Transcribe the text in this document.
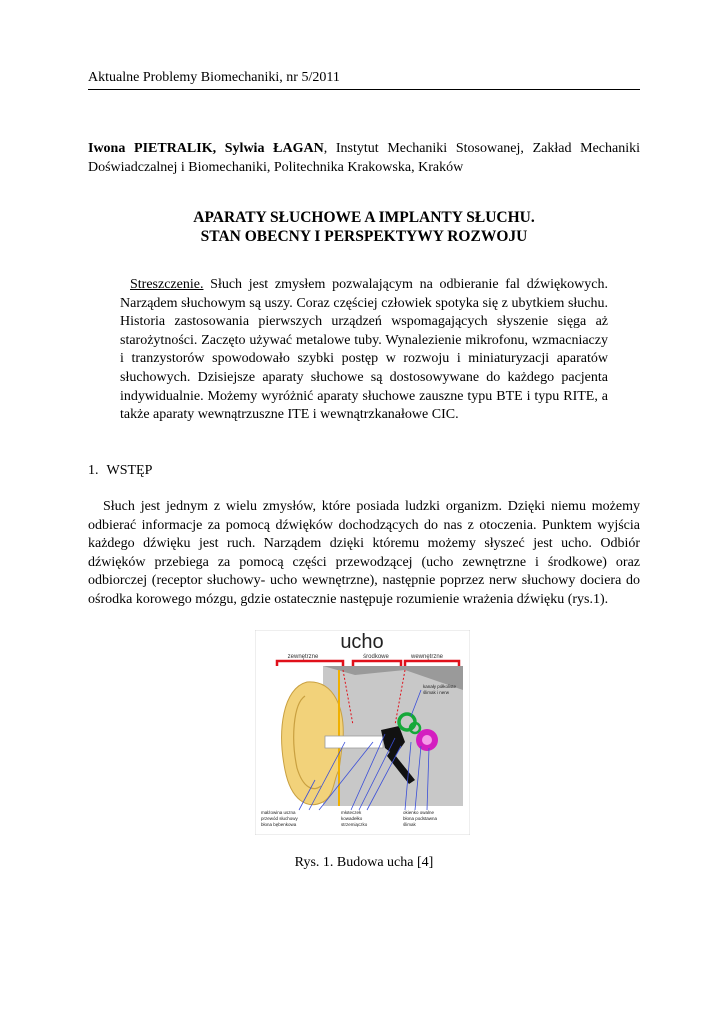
Aktualne Problemy Biomechaniki, nr 5/2011
Iwona PIETRALIK, Sylwia ŁAGAN, Instytut Mechaniki Stosowanej, Zakład Mechaniki Doświadczalnej i Biomechaniki, Politechnika Krakowska, Kraków
APARATY SŁUCHOWE A IMPLANTY SŁUCHU.
STAN OBECNY I PERSPEKTYWY ROZWOJU
Streszczenie. Słuch jest zmysłem pozwalającym na odbieranie fal dźwiękowych. Narządem słuchowym są uszy. Coraz częściej człowiek spotyka się z ubytkiem słuchu. Historia zastosowania pierwszych urządzeń wspomagających słyszenie sięga aż starożytności. Zaczęto używać metalowe tuby. Wynalezienie mikrofonu, wzmacniaczy i tranzystorów spowodowało szybki postęp w rozwoju i miniaturyzacji aparatów słuchowych. Dzisiejsze aparaty słuchowe są dostosowywane do każdego pacjenta indywidualnie. Możemy wyróżnić aparaty słuchowe zauszne typu BTE i typu RITE, a także aparaty wewnątrzuszne ITE i wewnątrzkanałowe CIC.
1. WSTĘP
Słuch jest jednym z wielu zmysłów, które posiada ludzki organizm. Dzięki niemu możemy odbierać informacje za pomocą dźwięków dochodzących do nas z otoczenia. Punktem wyjścia każdego dźwięku jest ruch. Narządem dzięki któremu możemy słyszeć jest ucho. Odbiór dźwięków przebiega za pomocą części przewodzącej (ucho zewnętrzne i środkowe) oraz odbiorczej (receptor słuchowy- ucho wewnętrzne), następnie poprzez nerw słuchowy dociera do ośrodka korowego mózgu, gdzie ostatecznie następuje rozumienie wrażenia dźwięku (rys.1).
ucho
zewnętrzne	środkowe	wewnętrzne
kanały półkoliste
ślimak i nerw
małżowina uszna
przewód słuchowy
błona bębenkowa
młoteczek
kowadełko
strzemiączko
okienko owalne
błona podstawna
ślimak
Rys. 1. Budowa ucha [4]
